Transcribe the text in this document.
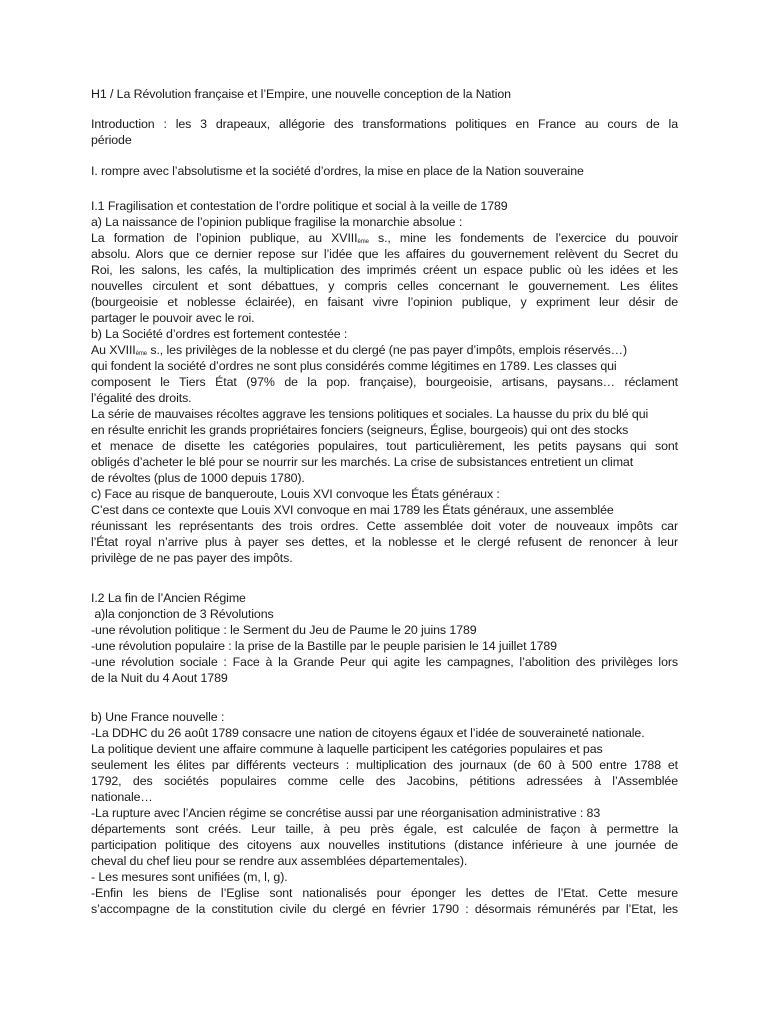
H1 / La Révolution française et l’Empire, une nouvelle conception de la Nation

Introduction : les 3 drapeaux, allégorie des transformations politiques en France au cours de la

période

I. rompre avec l’absolutisme et la société d’ordres, la mise en place de la Nation souveraine

I.1 Fragilisation et contestation de l’ordre politique et social à la veille de 1789

a) La naissance de l’opinion publique fragilise la monarchie absolue :

La formation de l’opinion publique, au XVIIIème s., mine les fondements de l’exercice du pouvoir

absolu. Alors que ce dernier repose sur l’idée que les affaires du gouvernement relèvent du Secret du

Roi, les salons, les cafés, la multiplication des imprimés créent un espace public où les idées et les

nouvelles circulent et sont débattues, y compris celles concernant le gouvernement. Les élites

(bourgeoisie et noblesse éclairée), en faisant vivre l’opinion publique, y expriment leur désir de

partager le pouvoir avec le roi.

b) La Société d’ordres est fortement contestée :

Au XVIIIème s., les privilèges de la noblesse et du clergé (ne pas payer d’impôts, emplois réservés…)

qui fondent la société d’ordres ne sont plus considérés comme légitimes en 1789. Les classes qui

composent le Tiers État (97% de la pop. française), bourgeoisie, artisans, paysans… réclament

l’égalité des droits.

La série de mauvaises récoltes aggrave les tensions politiques et sociales. La hausse du prix du blé qui

en résulte enrichit les grands propriétaires fonciers (seigneurs, Église, bourgeois) qui ont des stocks

et menace de disette les catégories populaires, tout particulièrement, les petits paysans qui sont

obligés d’acheter le blé pour se nourrir sur les marchés. La crise de subsistances entretient un climat

de révoltes (plus de 1000 depuis 1780).

c) Face au risque de banqueroute, Louis XVI convoque les États généraux :

C’est dans ce contexte que Louis XVI convoque en mai 1789 les États généraux, une assemblée

réunissant les représentants des trois ordres. Cette assemblée doit voter de nouveaux impôts car

l’État royal n’arrive plus à payer ses dettes, et la noblesse et le clergé refusent de renoncer à leur

privilège de ne pas payer des impôts.

I.2 La fin de l’Ancien Régime

a)la conjonction de 3 Révolutions

-une révolution politique : le Serment du Jeu de Paume le 20 juins 1789

-une révolution populaire : la prise de la Bastille par le peuple parisien le 14 juillet 1789

-une révolution sociale : Face à la Grande Peur qui agite les campagnes, l’abolition des privilèges lors

de la Nuit du 4 Aout 1789

b) Une France nouvelle :

-La DDHC du 26 août 1789 consacre une nation de citoyens égaux et l’idée de souveraineté nationale.

La politique devient une affaire commune à laquelle participent les catégories populaires et pas

seulement les élites par différents vecteurs : multiplication des journaux (de 60 à 500 entre 1788 et

1792, des sociétés populaires comme celle des Jacobins, pétitions adressées à l’Assemblée

nationale…

-La rupture avec l’Ancien régime se concrétise aussi par une réorganisation administrative : 83

départements sont créés. Leur taille, à peu près égale, est calculée de façon à permettre la

participation politique des citoyens aux nouvelles institutions (distance inférieure à une journée de

cheval du chef lieu pour se rendre aux assemblées départementales).

- Les mesures sont unifiées (m, l, g).

-Enfin les biens de l’Eglise sont nationalisés pour éponger les dettes de l’Etat. Cette mesure

s’accompagne de la constitution civile du clergé en février 1790 : désormais rémunérés par l’Etat, les
